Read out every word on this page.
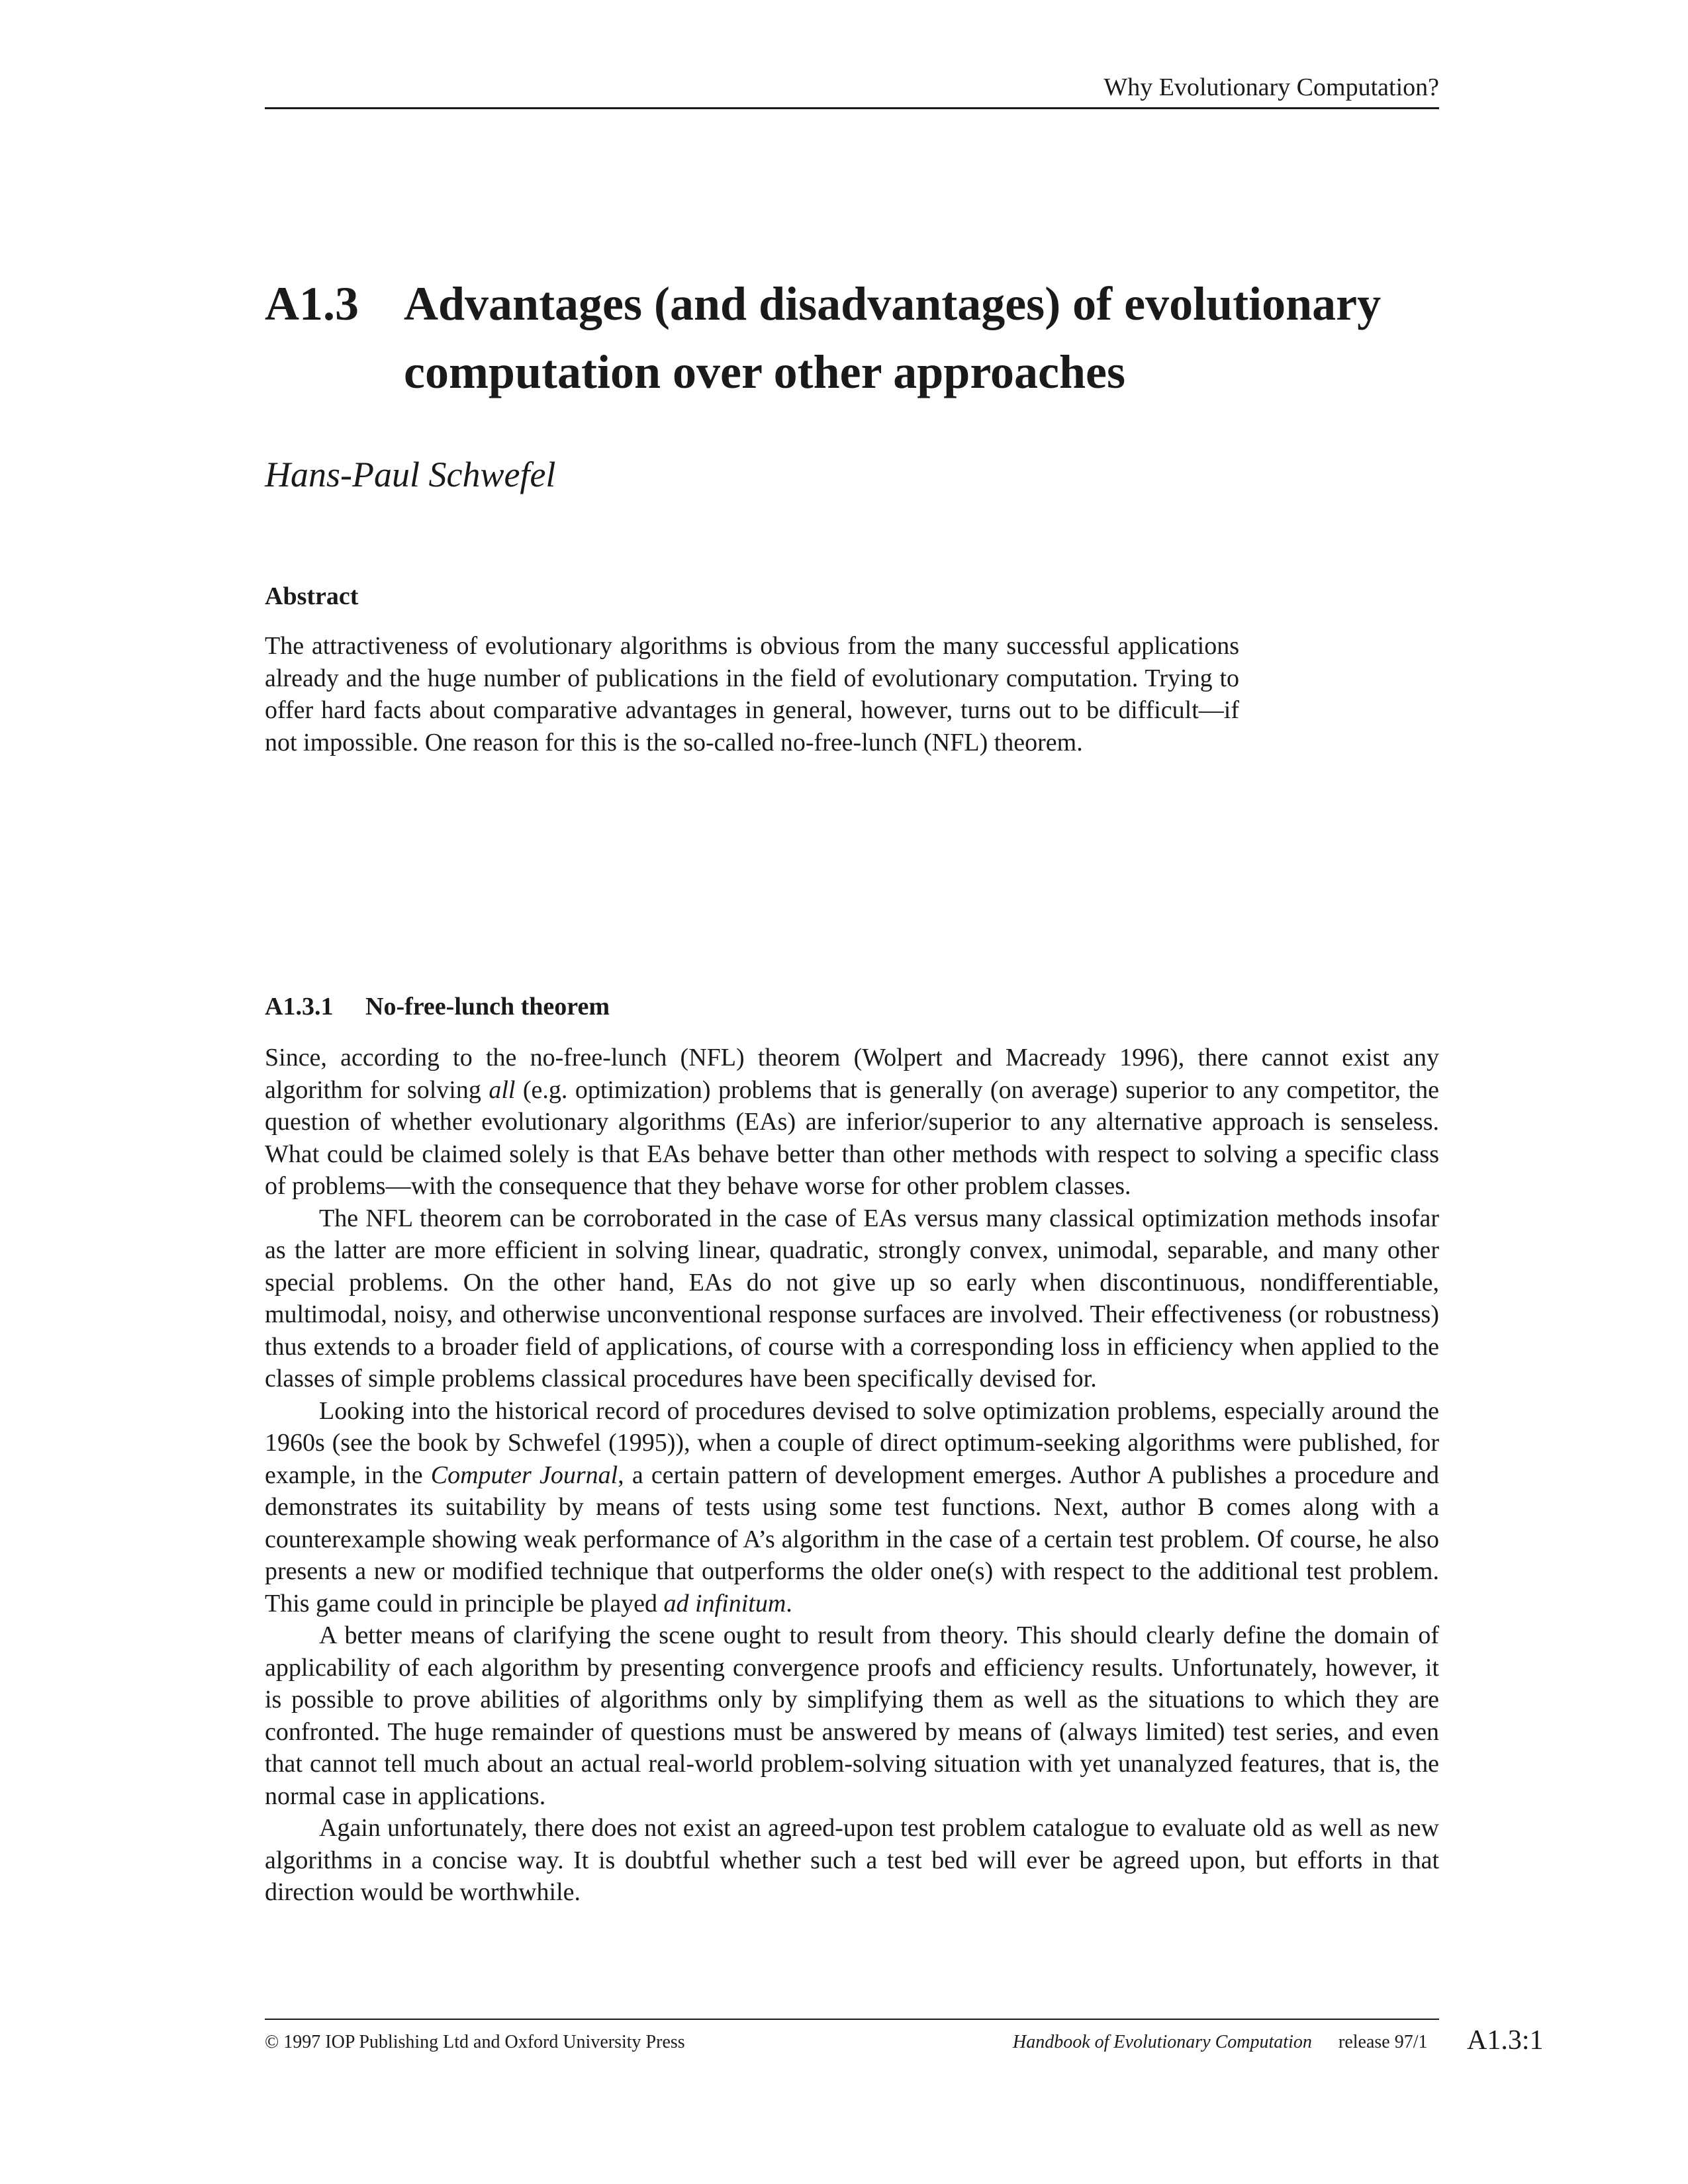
Why Evolutionary Computation?
A1.3 Advantages (and disadvantages) of evolutionary computation over other approaches
Hans-Paul Schwefel
Abstract

The attractiveness of evolutionary algorithms is obvious from the many successful applications already and the huge number of publications in the field of evolutionary computation. Trying to offer hard facts about comparative advantages in general, however, turns out to be difficult—if not impossible. One reason for this is the so-called no-free-lunch (NFL) theorem.

A1.3.1 No-free-lunch theorem

Since, according to the no-free-lunch (NFL) theorem (Wolpert and Macready 1996), there cannot exist any algorithm for solving all (e.g. optimization) problems that is generally (on average) superior to any competitor, the question of whether evolutionary algorithms (EAs) are inferior/superior to any alternative approach is senseless. What could be claimed solely is that EAs behave better than other methods with respect to solving a specific class of problems—with the consequence that they behave worse for other problem classes.

The NFL theorem can be corroborated in the case of EAs versus many classical optimization methods insofar as the latter are more efficient in solving linear, quadratic, strongly convex, unimodal, separable, and many other special problems. On the other hand, EAs do not give up so early when discontinuous, nondifferentiable, multimodal, noisy, and otherwise unconventional response surfaces are involved. Their effectiveness (or robustness) thus extends to a broader field of applications, of course with a corresponding loss in efficiency when applied to the classes of simple problems classical procedures have been specifically devised for.

Looking into the historical record of procedures devised to solve optimization problems, especially around the 1960s (see the book by Schwefel (1995)), when a couple of direct optimum-seeking algorithms were published, for example, in the Computer Journal, a certain pattern of development emerges. Author A publishes a procedure and demonstrates its suitability by means of tests using some test functions. Next, author B comes along with a counterexample showing weak performance of A’s algorithm in the case of a certain test problem. Of course, he also presents a new or modified technique that outperforms the older one(s) with respect to the additional test problem. This game could in principle be played ad infinitum.

A better means of clarifying the scene ought to result from theory. This should clearly define the domain of applicability of each algorithm by presenting convergence proofs and efficiency results. Unfortunately, however, it is possible to prove abilities of algorithms only by simplifying them as well as the situations to which they are confronted. The huge remainder of questions must be answered by means of (always limited) test series, and even that cannot tell much about an actual real-world problem-solving situation with yet unanalyzed features, that is, the normal case in applications.

Again unfortunately, there does not exist an agreed-upon test problem catalogue to evaluate old as well as new algorithms in a concise way. It is doubtful whether such a test bed will ever be agreed upon, but efforts in that direction would be worthwhile.

© 1997 IOP Publishing Ltd and Oxford University Press	Handbook of Evolutionary Computation release 97/1 A1.3:1
